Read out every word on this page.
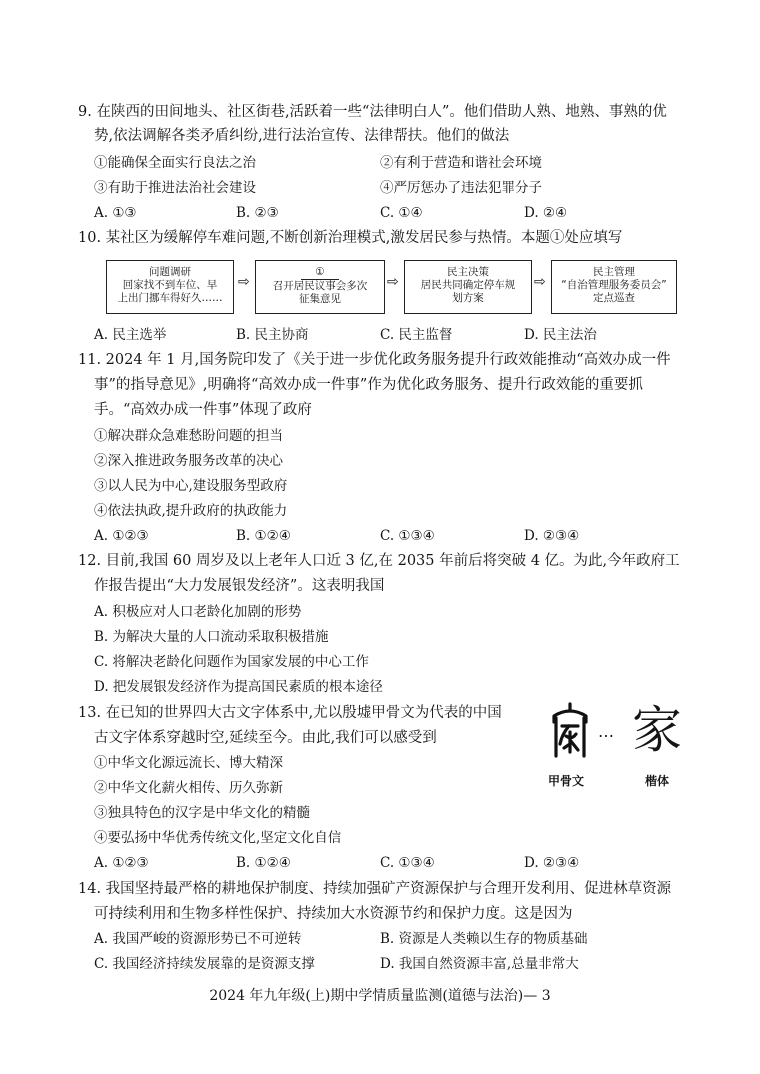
9. 在陕西的田间地头、社区街巷,活跃着一些“法律明白人”。他们借助人熟、地熟、事熟的优
势,依法调解各类矛盾纠纷,进行法治宣传、法律帮扶。他们的做法
①能确保全面实行良法之治	②有利于营造和谐社会环境
③有助于推进法治社会建设	④严厉惩办了违法犯罪分子
A. ①③	B. ②③	C. ①④	D. ②④
10. 某社区为缓解停车难问题,不断创新治理模式,激发居民参与热情。本题①处应填写
问题调研
回家找不到车位、早
上出门挪车得好久……
⇨
①
召开居民议事会多次
征集意见
⇨
民主决策
居民共同确定停车规
划方案
⇨
民主管理
“自治管理服务委员会”
定点巡查
A. 民主选举	B. 民主协商	C. 民主监督	D. 民主法治
11. 2024 年 1 月,国务院印发了《关于进一步优化政务服务提升行政效能推动“高效办成一件
事”的指导意见》,明确将“高效办成一件事”作为优化政务服务、提升行政效能的重要抓
手。“高效办成一件事”体现了政府
①解决群众急难愁盼问题的担当
②深入推进政务服务改革的决心
③以人民为中心,建设服务型政府
④依法执政,提升政府的执政能力
A. ①②③	B. ①②④	C. ①③④	D. ②③④
12. 目前,我国 60 周岁及以上老年人口近 3 亿,在 2035 年前后将突破 4 亿。为此,今年政府工
作报告提出“大力发展银发经济”。这表明我国
A. 积极应对人口老龄化加剧的形势
B. 为解决大量的人口流动采取积极措施
C. 将解决老龄化问题作为国家发展的中心工作
D. 把发展银发经济作为提高国民素质的根本途径
13. 在已知的世界四大古文字体系中,尤以殷墟甲骨文为代表的中国
古文字体系穿越时空,延续至今。由此,我们可以感受到
①中华文化源远流长、博大精深
②中华文化薪火相传、历久弥新
③独具特色的汉字是中华文化的精髓
④要弘扬中华优秀传统文化,坚定文化自信
A. ①②③	B. ①②④	C. ①③④	D. ②③④
… 家
甲骨文	楷体
14. 我国坚持最严格的耕地保护制度、持续加强矿产资源保护与合理开发利用、促进林草资源
可持续利用和生物多样性保护、持续加大水资源节约和保护力度。这是因为
A. 我国严峻的资源形势已不可逆转	B. 资源是人类赖以生存的物质基础
C. 我国经济持续发展靠的是资源支撑	D. 我国自然资源丰富,总量非常大
2024 年九年级(上)期中学情质量监测(道德与法治)— 3
